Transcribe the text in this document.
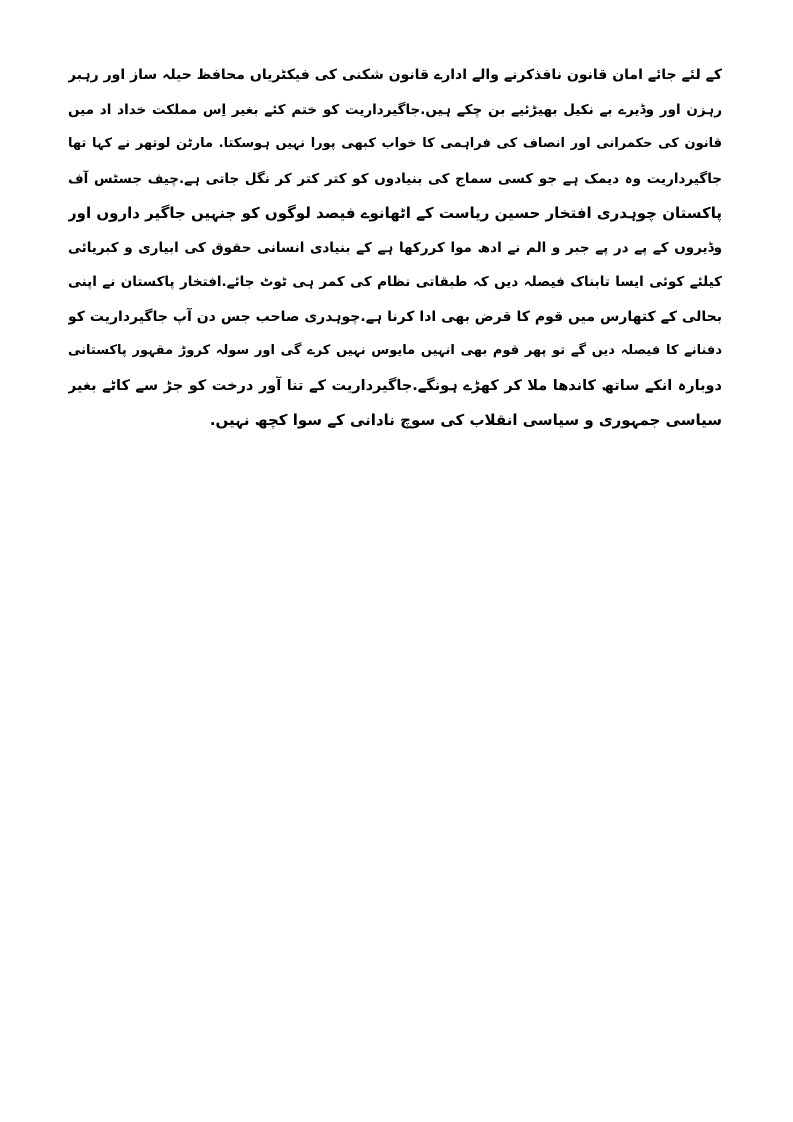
کے لئے جائے امان قانون نافذکرنے والے ادارے قانون شکنی کی فیکٹریاں محافظ حیلہ ساز اور رہبر
رہزن اور وڈیرے بے نکیل بھیڑئیے بن چکے ہیں.جاگیرداریت کو ختم کئے بغیر اِس مملکت خداد اد میں
قانون کی حکمرانی اور انصاف کی فراہمی کا خواب کبھی پورا نہیں ہوسکتا. مارٹن لوتھر نے کہا تھا
جاگیرداریت وہ دیمک ہے جو کسی سماج کی بنیادوں کو کتر کتر کر نگل جاتی ہے.چیف جسٹس آف
پاکستان چوہدری افتخار حسین ریاست کے اٹھانوے فیصد لوگوں کو جنہیں جاگیر داروں اور
وڈیروں کے پے در پے جبر و الم نے ادھ موا کررکھا ہے کے بنیادی انسانی حقوق کی ابیاری و کبریائی
کیلئے کوئی ایسا تابناک فیصلہ دیں کہ طبقاتی نظام کی کمر ہی ٹوٹ جائے.افتخار پاکستان نے اپنی
بحالی کے کتھارس میں قوم کا قرض بھی ادا کرنا ہے.چوہدری صاحب جس دن آپ جاگیرداریت کو
دفنانے کا فیصلہ دیں گے تو پھر قوم بھی انہیں مایوس نہیں کرے گی اور سولہ کروڑ مقہور پاکستانی
دوبارہ انکے ساتھ کاندھا ملا کر کھڑے ہونگے.جاگیرداریت کے تنا آور درخت کو جڑ سے کاٹے بغیر
سیاسی جمہوری و سیاسی انقلاب کی سوچ نادانی کے سوا کچھ نہیں.
